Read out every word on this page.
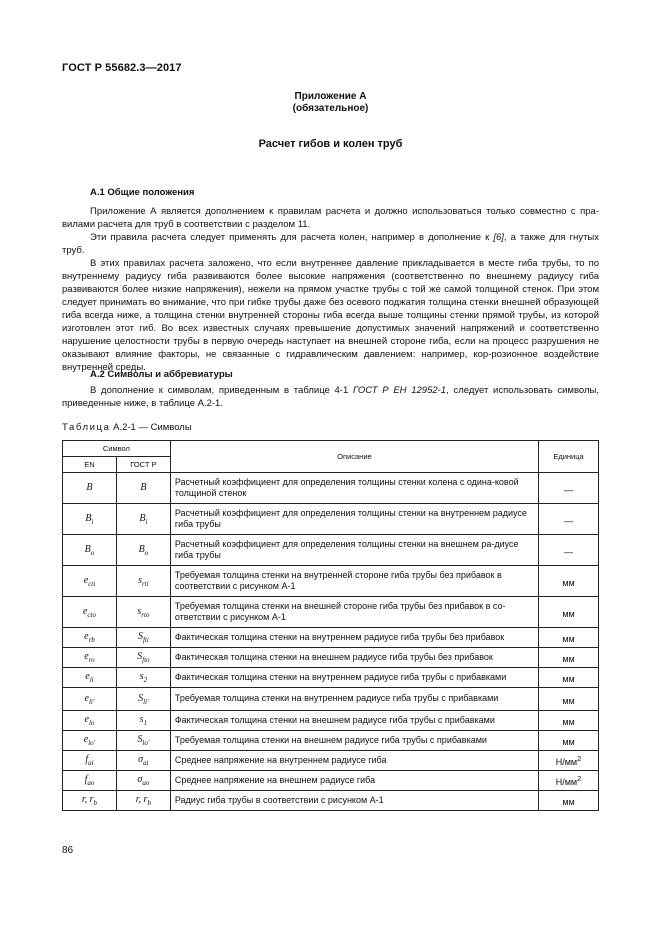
ГОСТ Р 55682.3—2017
Приложение А
(обязательное)
Расчет гибов и колен труб
А.1 Общие положения

Приложение А является дополнением к правилам расчета и должно использоваться только совместно с пра-вилами расчета для труб в соответствии с разделом 11.

Эти правила расчета следует применять для расчета колен, например в дополнение к [6], а также для гнутых труб.

В этих правилах расчета заложено, что если внутреннее давление прикладывается в месте гиба трубы, то по внутреннему радиусу гиба развиваются более высокие напряжения (соответственно по внешнему радиусу гиба развиваются более низкие напряжения), нежели на прямом участке трубы с той же самой толщиной стенок. При этом следует принимать во внимание, что при гибке трубы даже без осевого поджатия толщина стенки внешней образующей гиба всегда ниже, а толщина стенки внутренней стороны гиба всегда выше толщины стенки прямой трубы, из которой изготовлен этот гиб. Во всех известных случаях превышение допустимых значений напряжений и соответственно нарушение целостности трубы в первую очередь наступает на внешней стороне гиба, если на процесс разрушения не оказывают влияние факторы, не связанные с гидравлическим давлением: например, кор-розионное воздействие внутренней среды.

А.2 Символы и аббревиатуры

В дополнение к символам, приведенным в таблице 4-1 ГОСТ Р ЕН 12952-1, следует использовать символы, приведенные ниже, в таблице А.2-1.

Таблица А.2-1 — Символы
Символ		Описание	Единица
EN	ГОСТ Р		
B	B	Расчетный коэффициент для определения толщины стенки колена с одина-ковой толщиной стенок	—
$B_i$	$B_i$	Расчетный коэффициент для определения толщины стенки на внутреннем радиусе гиба трубы	—
$B_o$	$B_o$	Расчетный коэффициент для определения толщины стенки на внешнем ра-диусе гиба трубы	—
$e_{cti}$	$s_{rti}$	Требуемая толщина стенки на внутренней стороне гиба трубы без прибавок в соответствии с рисунком А-1	мм
$e_{cto}$	$s_{rto}$	Требуемая толщина стенки на внешней стороне гиба трубы без прибавок в со-ответствии с рисунком А-1	мм
$e_{rb}$	$S_{fti}$	Фактическая толщина стенки на внутреннем радиусе гиба трубы без прибавок	мм
$e_{ro}$	$S_{fto}$	Фактическая толщина стенки на внешнем радиусе гиба трубы без прибавок	мм
$e_{li}$	$s_2$	Фактическая толщина стенки на внутреннем радиусе гиба трубы с прибавками	мм
$e_{li'}$	$S_{li'}$	Требуемая толщина стенки на внутреннем радиусе гиба трубы с прибавками	мм
$e_{lo}$	$s_1$	Фактическая толщина стенки на внешнем радиусе гиба трубы с прибавками	мм
$e_{lo'}$	$S_{lo'}$	Требуемая толщина стенки на внешнем радиусе гиба трубы с прибавками	мм
$f_{ai}$	$\sigma_{ai}$	Среднее напряжение на внутреннем радиусе гиба	$Н/мм^2$
$f_{ao}$	$\sigma_{ao}$	Среднее напряжение на внешнем радиусе гиба	$Н/мм^2$
r, $r_b$	r, $r_b$	Радиус гиба трубы в соответствии с рисунком А-1	мм
86
